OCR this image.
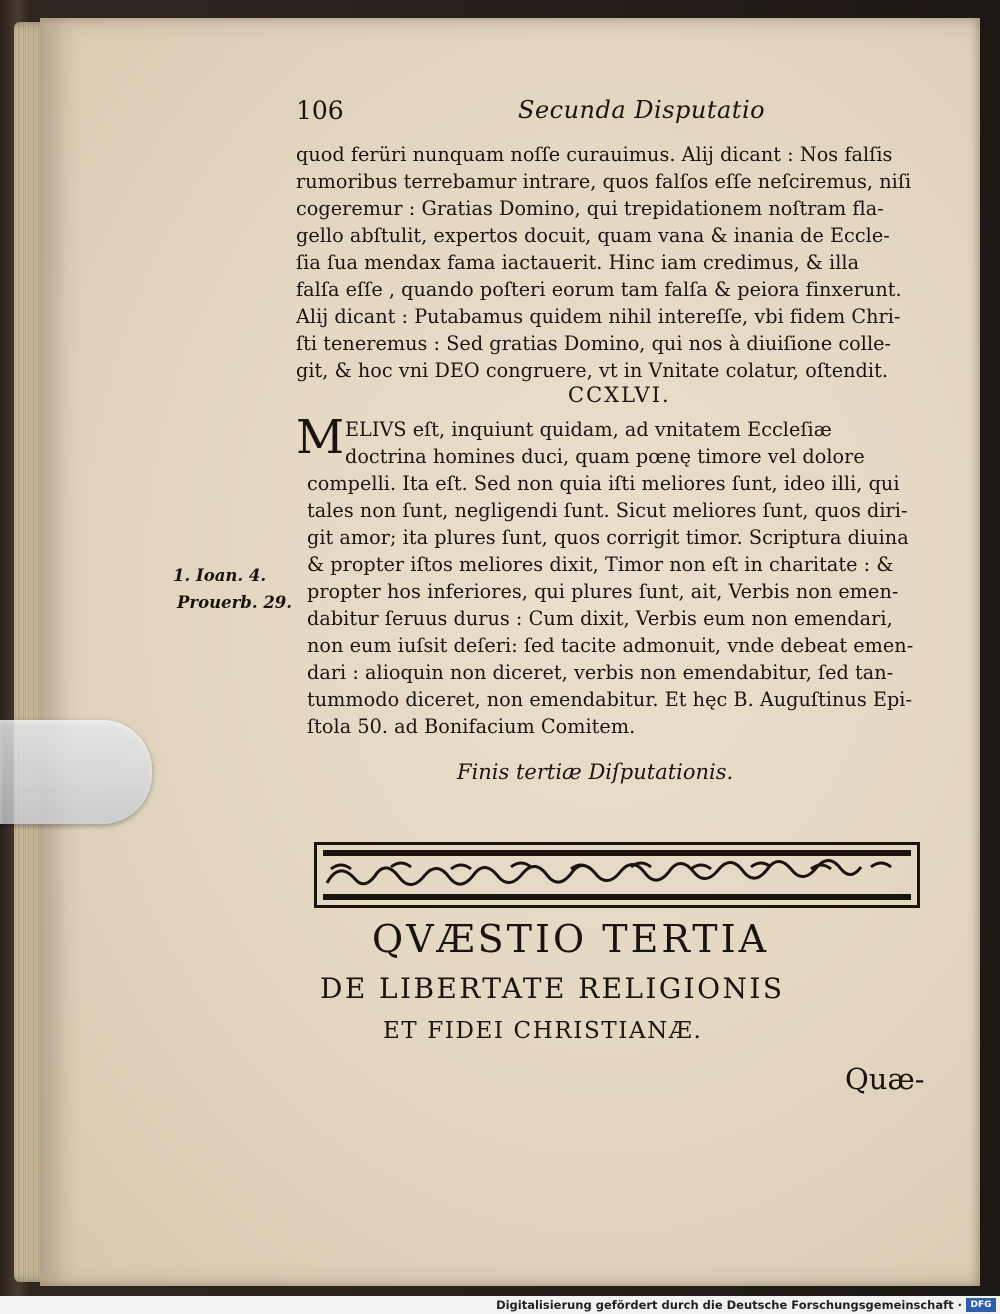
106	Secunda Disputatio
quod ferüri nunquam noſſe curauimus. Alij dicant : Nos falſis
rumoribus terrebamur intrare, quos falſos eſſe neſciremus, niſi
cogeremur : Gratias Domino, qui trepidationem noſtram fla-
gello abſtulit, expertos docuit, quam vana & inania de Eccle-
ſia ſua mendax fama iactauerit. Hinc iam credimus, & illa
falſa eſſe , quando poſteri eorum tam falſa & peiora finxerunt.
Alij dicant : Putabamus quidem nihil intereſſe, vbi fidem Chri-
ſti teneremus : Sed gratias Domino, qui nos à diuiſione colle-
git, & hoc vni DEO congruere, vt in Vnitate colatur, oſtendit.
CCXLVI.
M ELIVS eſt, inquiunt quidam, ad vnitatem Eccleſiæ
doctrina homines duci, quam pœnę timore vel dolore
compelli. Ita eſt. Sed non quia iſti meliores ſunt, ideo illi, qui
tales non ſunt, negligendi ſunt. Sicut meliores ſunt, quos diri-
git amor; ita plures ſunt, quos corrigit timor. Scriptura diuina
& propter iſtos meliores dixit, Timor non eſt in charitate : &
propter hos inferiores, qui plures ſunt, ait, Verbis non emen-
dabitur ſeruus durus : Cum dixit, Verbis eum non emendari,
non eum iuſsit deſeri: ſed tacite admonuit, vnde debeat emen-
dari : alioquin non diceret, verbis non emendabitur, ſed tan-
tummodo diceret, non emendabitur. Et hęc B. Auguſtinus Epi-
ſtola 50. ad Bonifacium Comitem.
1. Ioan. 4.
Prouerb. 29.
Finis tertiæ Diſputationis.
QVÆSTIO TERTIA
DE LIBERTATE RELIGIONIS
ET FIDEI CHRISTIANÆ.
Quæ-
Digitalisierung gefördert durch die Deutsche Forschungsgemeinschaft · DFG
